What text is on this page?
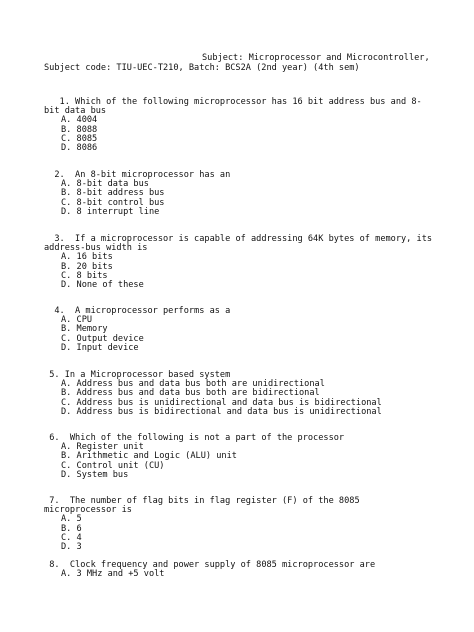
Subject: Microprocessor and Microcontroller,
Subject code: TIU-UEC-T210, Batch: BCS2A (2nd year) (4th sem)
1. Which of the following microprocessor has 16 bit address bus and 8-bit data bus
A. 4004
B. 8088
C. 8085
D. 8086
2.  An 8-bit microprocessor has an
A. 8-bit data bus
B. 8-bit address bus
C. 8-bit control bus
D. 8 interrupt line
3.  If a microprocessor is capable of addressing 64K bytes of memory, its address-bus width is
A. 16 bits
B. 20 bits
C. 8 bits
D. None of these
4.  A microprocessor performs as a
A. CPU
B. Memory
C. Output device
D. Input device
5. In a Microprocessor based system
A. Address bus and data bus both are unidirectional
B. Address bus and data bus both are bidirectional
C. Address bus is unidirectional and data bus is bidirectional
D. Address bus is bidirectional and data bus is unidirectional
6.  Which of the following is not a part of the processor
A. Register unit
B. Arithmetic and Logic (ALU) unit
C. Control unit (CU)
D. System bus
7.  The number of flag bits in flag register (F) of the 8085 microprocessor is
A. 5
B. 6
C. 4
D. 3
8.  Clock frequency and power supply of 8085 microprocessor are
A. 3 MHz and +5 volt
